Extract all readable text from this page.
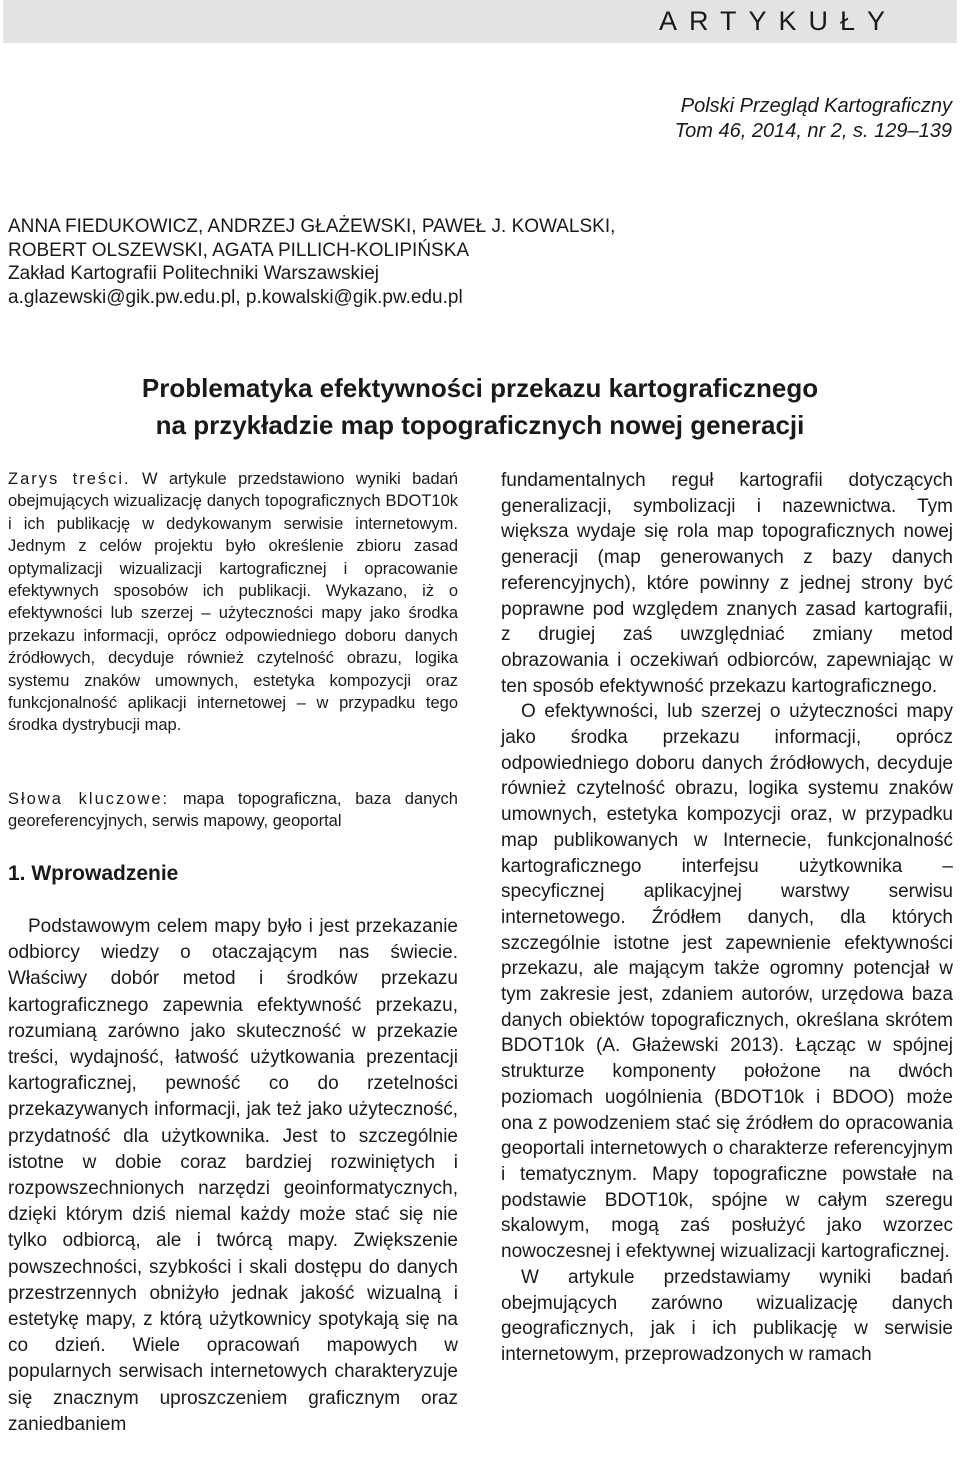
ARTYKUŁY
Polski Przegląd Kartograficzny
Tom 46, 2014, nr 2, s. 129–139
ANNA FIEDUKOWICZ, ANDRZEJ GŁAŻEWSKI, PAWEŁ J. KOWALSKI,
ROBERT OLSZEWSKI, AGATA PILLICH-KOLIPIŃSKA
Zakład Kartografii Politechniki Warszawskiej
a.glazewski@gik.pw.edu.pl, p.kowalski@gik.pw.edu.pl
Problematyka efektywności przekazu kartograficznego
na przykładzie map topograficznych nowej generacji

Zarys treści. W artykule przedstawiono wyniki badań obejmujących wizualizację danych topograficznych BDOT10k i ich publikację w dedykowanym serwisie internetowym. Jednym z celów projektu było określenie zbioru zasad optymalizacji wizualizacji kartograficznej i opracowanie efektywnych sposobów ich publikacji. Wykazano, iż o efektywności lub szerzej – użyteczności mapy jako środka przekazu informacji, oprócz odpowiedniego doboru danych źródłowych, decyduje również czytelność obrazu, logika systemu znaków umownych, estetyka kompozycji oraz funkcjonalność aplikacji internetowej – w przypadku tego środka dystrybucji map.

Słowa kluczowe: mapa topograficzna, baza danych georeferencyjnych, serwis mapowy, geoportal

1. Wprowadzenie

Podstawowym celem mapy było i jest przekazanie odbiorcy wiedzy o otaczającym nas świecie. Właściwy dobór metod i środków przekazu kartograficznego zapewnia efektywność przekazu, rozumianą zarówno jako skuteczność w przekazie treści, wydajność, łatwość użytkowania prezentacji kartograficznej, pewność co do rzetelności przekazywanych informacji, jak też jako użyteczność, przydatność dla użytkownika. Jest to szczególnie istotne w dobie coraz bardziej rozwiniętych i rozpowszechnionych narzędzi geoinformatycznych, dzięki którym dziś niemal każdy może stać się nie tylko odbiorcą, ale i twórcą mapy. Zwiększenie powszechności, szybkości i skali dostępu do danych przestrzennych obniżyło jednak jakość wizualną i estetykę mapy, z którą użytkownicy spotykają się na co dzień. Wiele opracowań mapowych w popularnych serwisach internetowych charakteryzuje się znacznym uproszczeniem graficznym oraz zaniedbaniem

fundamentalnych reguł kartografii dotyczących generalizacji, symbolizacji i nazewnictwa. Tym większa wydaje się rola map topograficznych nowej generacji (map generowanych z bazy danych referencyjnych), które powinny z jednej strony być poprawne pod względem znanych zasad kartografii, z drugiej zaś uwzględniać zmiany metod obrazowania i oczekiwań odbiorców, zapewniając w ten sposób efektywność przekazu kartograficznego.

O efektywności, lub szerzej o użyteczności mapy jako środka przekazu informacji, oprócz odpowiedniego doboru danych źródłowych, decyduje również czytelność obrazu, logika systemu znaków umownych, estetyka kompozycji oraz, w przypadku map publikowanych w Internecie, funkcjonalność kartograficznego interfejsu użytkownika – specyficznej aplikacyjnej warstwy serwisu internetowego. Źródłem danych, dla których szczególnie istotne jest zapewnienie efektywności przekazu, ale mającym także ogromny potencjał w tym zakresie jest, zdaniem autorów, urzędowa baza danych obiektów topograficznych, określana skrótem BDOT10k (A. Głażewski 2013). Łącząc w spójnej strukturze komponenty położone na dwóch poziomach uogólnienia (BDOT10k i BDOO) może ona z powodzeniem stać się źródłem do opracowania geoportali internetowych o charakterze referencyjnym i tematycznym. Mapy topograficzne powstałe na podstawie BDOT10k, spójne w całym szeregu skalowym, mogą zaś posłużyć jako wzorzec nowoczesnej i efektywnej wizualizacji kartograficznej.

W artykule przedstawiamy wyniki badań obejmujących zarówno wizualizację danych geograficznych, jak i ich publikację w serwisie internetowym, przeprowadzonych w ramach
